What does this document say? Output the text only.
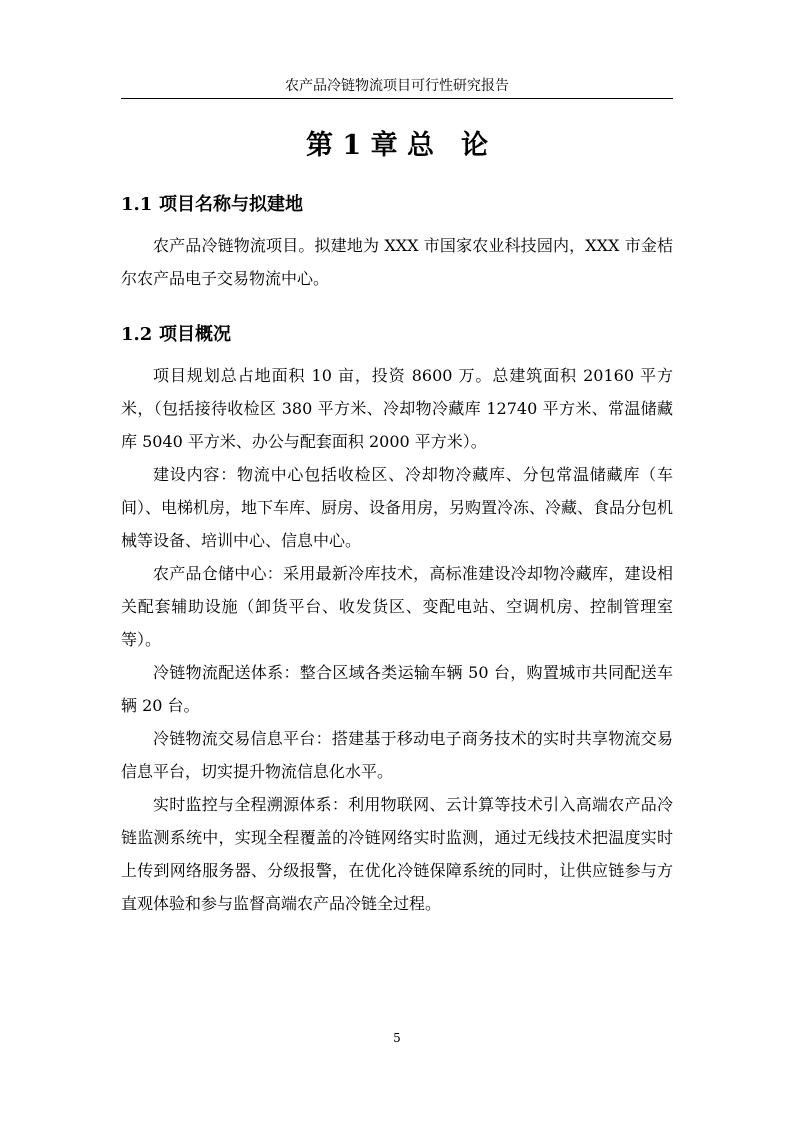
农产品冷链物流项目可行性研究报告
第 1 章 总　论
1.1 项目名称与拟建地

农产品冷链物流项目。拟建地为 XXX 市国家农业科技园内，XXX 市金桔尔农产品电子交易物流中心。

1.2 项目概况

项目规划总占地面积 10 亩，投资 8600 万。总建筑面积 20160 平方米，（包括接待收检区 380 平方米、冷却物冷藏库 12740 平方米、常温储藏库 5040 平方米、办公与配套面积 2000 平方米）。

建设内容：物流中心包括收检区、冷却物冷藏库、分包常温储藏库（车间）、电梯机房，地下车库、厨房、设备用房，另购置冷冻、冷藏、食品分包机械等设备、培训中心、信息中心。

农产品仓储中心：采用最新冷库技术，高标准建设冷却物冷藏库，建设相关配套辅助设施（卸货平台、收发货区、变配电站、空调机房、控制管理室等）。

冷链物流配送体系：整合区域各类运输车辆 50 台，购置城市共同配送车辆 20 台。

冷链物流交易信息平台：搭建基于移动电子商务技术的实时共享物流交易信息平台，切实提升物流信息化水平。

实时监控与全程溯源体系：利用物联网、云计算等技术引入高端农产品冷链监测系统中，实现全程覆盖的冷链网络实时监测，通过无线技术把温度实时上传到网络服务器、分级报警，在优化冷链保障系统的同时，让供应链参与方直观体验和参与监督高端农产品冷链全过程。

5
